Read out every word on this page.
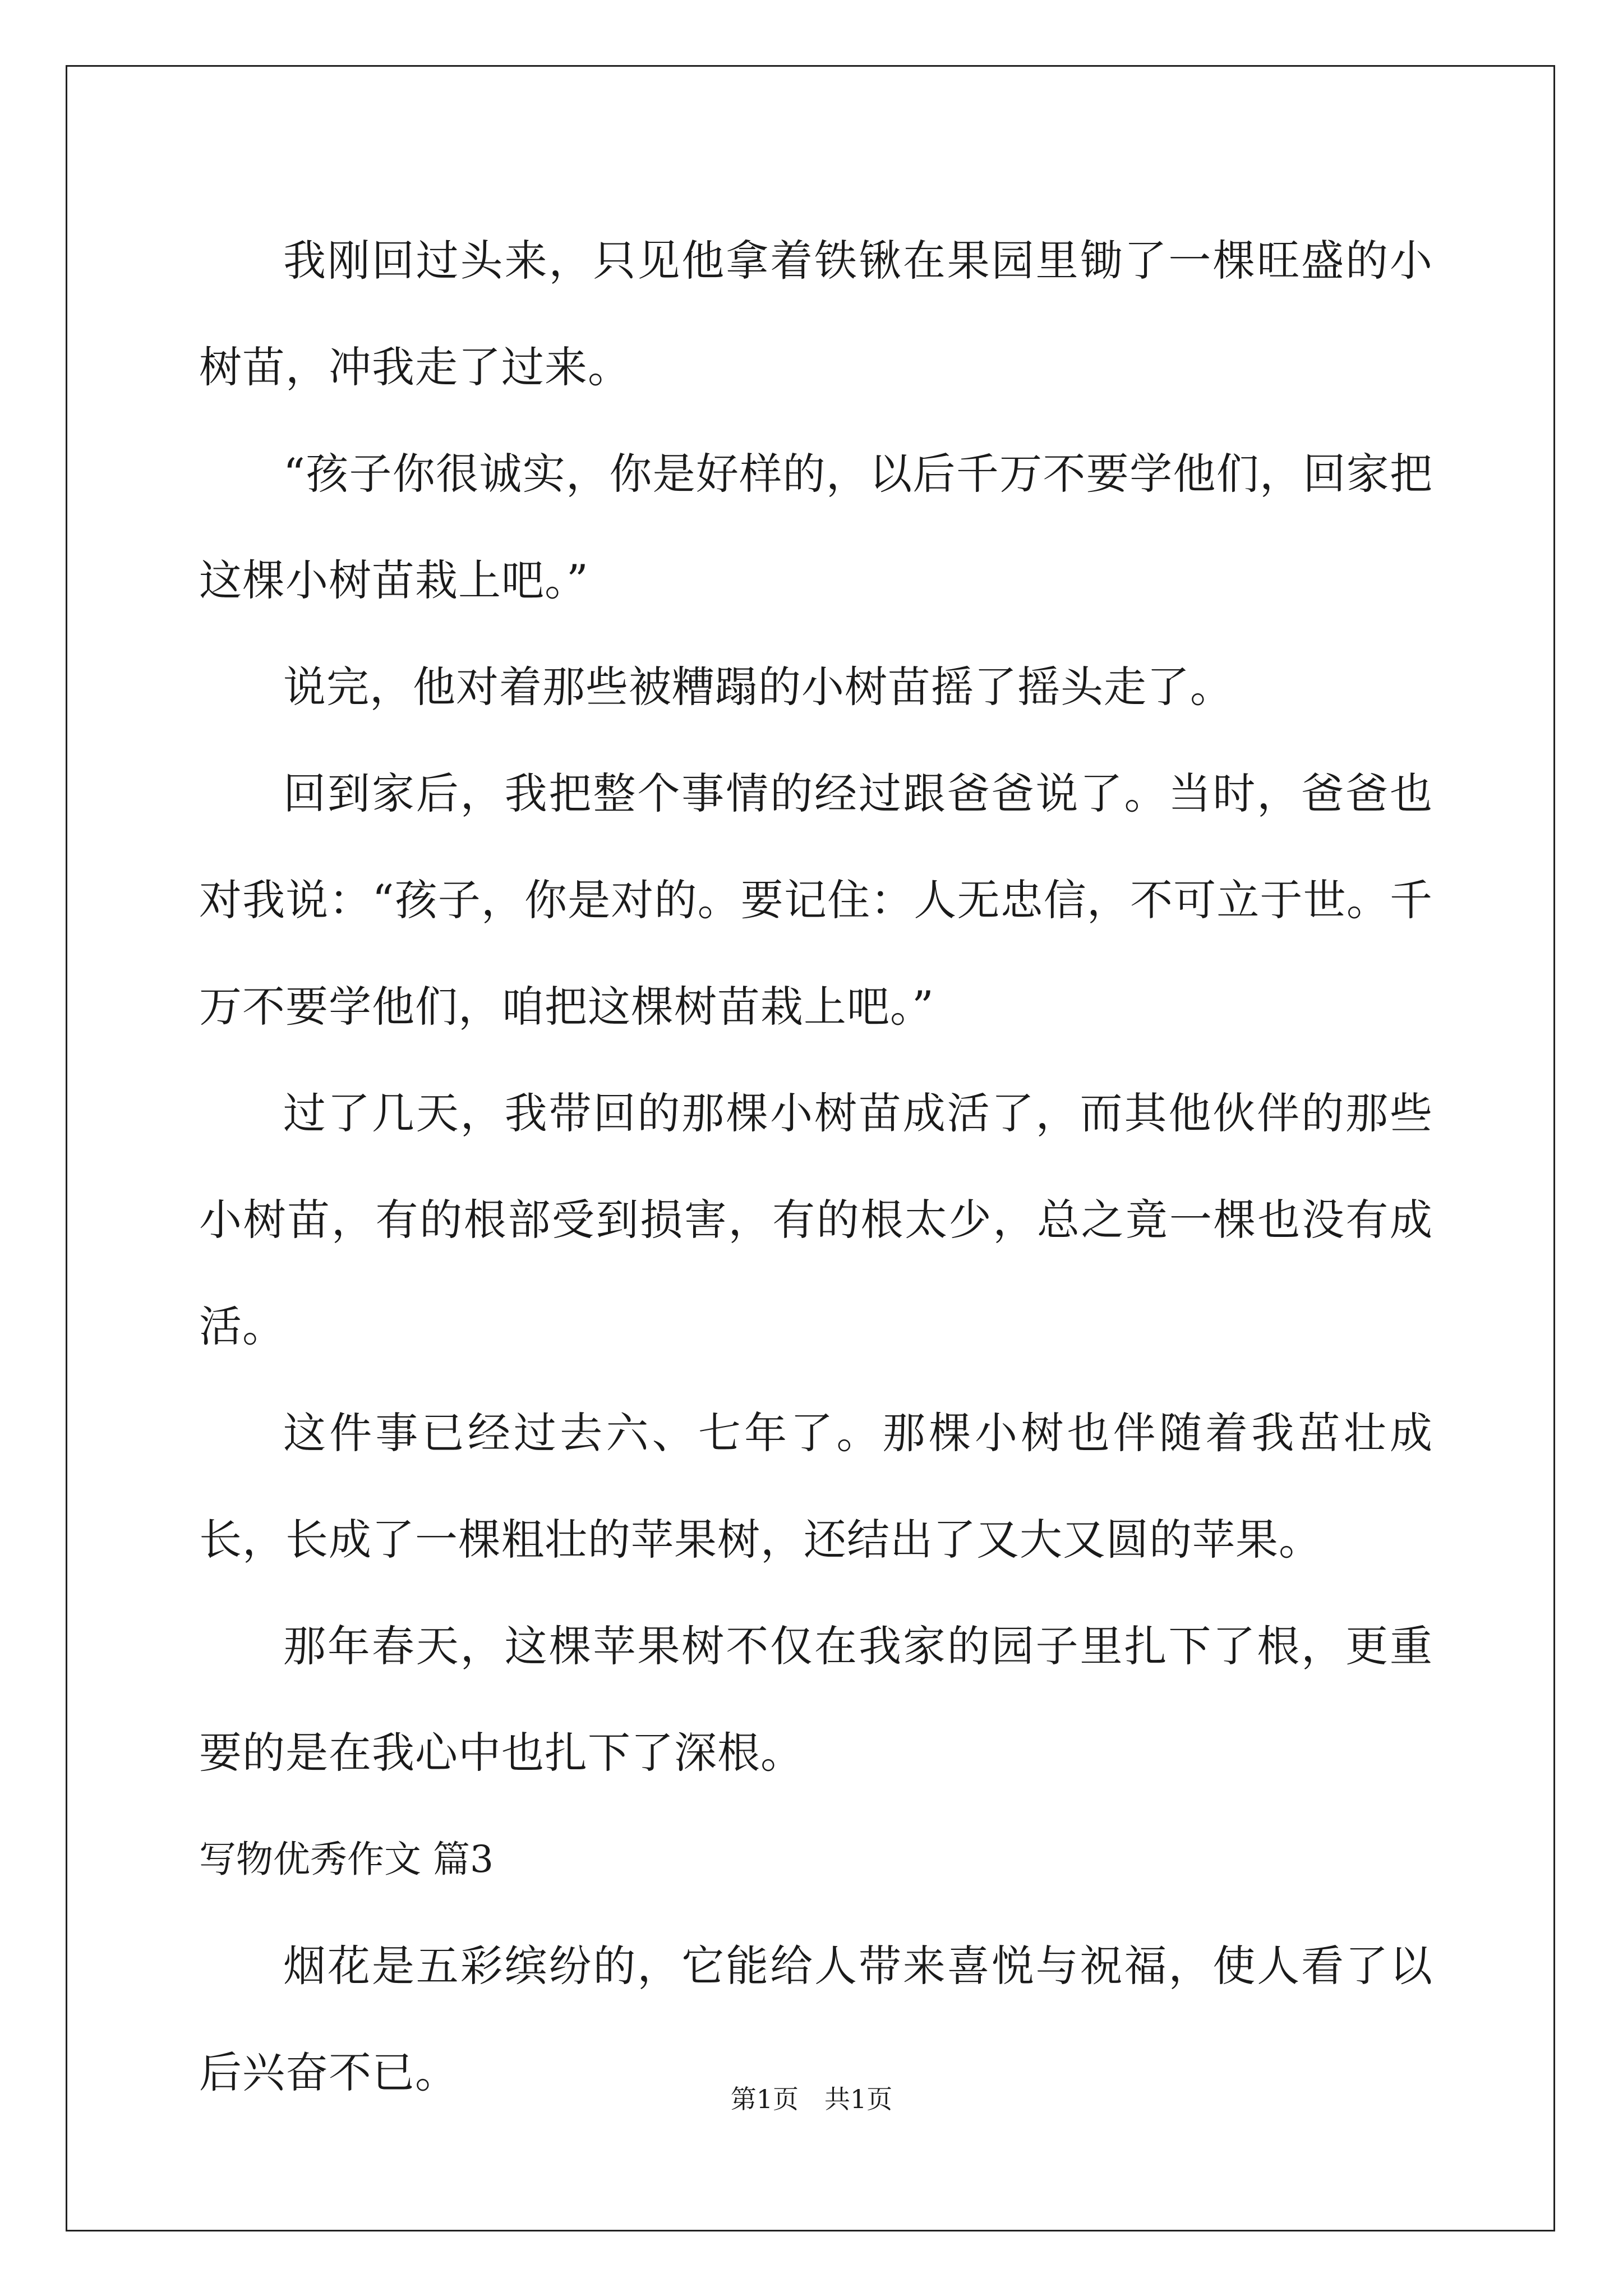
我刚回过头来，只见他拿着铁锹在果园里锄了一棵旺盛的小树苗，冲我走了过来。

“孩子你很诚实，你是好样的，以后千万不要学他们，回家把这棵小树苗栽上吧。”

说完，他对着那些被糟蹋的小树苗摇了摇头走了。

回到家后，我把整个事情的经过跟爸爸说了。当时，爸爸也对我说：“孩子，你是对的。要记住：人无忠信，不可立于世。千万不要学他们，咱把这棵树苗栽上吧。”

过了几天，我带回的那棵小树苗成活了，而其他伙伴的那些小树苗，有的根部受到损害，有的根太少，总之竟一棵也没有成活。

这件事已经过去六、七年了。那棵小树也伴随着我茁壮成长，长成了一棵粗壮的苹果树，还结出了又大又圆的苹果。

那年春天，这棵苹果树不仅在我家的园子里扎下了根，更重要的是在我心中也扎下了深根。

写物优秀作文 篇3

烟花是五彩缤纷的，它能给人带来喜悦与祝福，使人看了以后兴奋不已。

第1页　共1页
